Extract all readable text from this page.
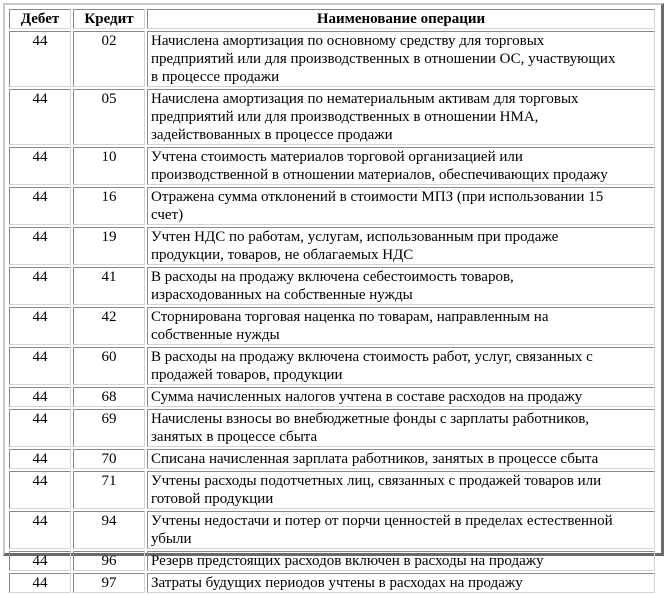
Дебет	Кредит	Наименование операции
44	02	Начислена амортизация по основному средству для торговых
предприятий или для производственных в отношении ОС, участвующих
в процессе продажи

44	05	Начислена амортизация по нематериальным активам для торговых
предприятий или для производственных в отношении НМА,
задействованных в процессе продажи

44	10	Учтена стоимость материалов торговой организацией или
производственной в отношении материалов, обеспечивающих продажу

44	16	Отражена сумма отклонений в стоимости МПЗ (при использовании 15
счет)

44	19	Учтен НДС по работам, услугам, использованным при продаже
продукции, товаров, не облагаемых НДС

44	41	В расходы на продажу включена себестоимость товаров,
израсходованных на собственные нужды

44	42	Сторнирована торговая наценка по товарам, направленным на
собственные нужды

44	60	В расходы на продажу включена стоимость работ, услуг, связанных с
продажей товаров, продукции

44	68	Сумма начисленных налогов учтена в составе расходов на продажу

44	69	Начислены взносы во внебюджетные фонды с зарплаты работников,
занятых в процессе сбыта

44	70	Списана начисленная зарплата работников, занятых в процессе сбыта

44	71	Учтены расходы подотчетных лиц, связанных с продажей товаров или
готовой продукции

44	94	Учтены недостачи и потер от порчи ценностей в пределах естественной
убыли

44	96	Резерв предстоящих расходов включен в расходы на продажу

44	97	Затраты будущих периодов учтены в расходах на продажу
